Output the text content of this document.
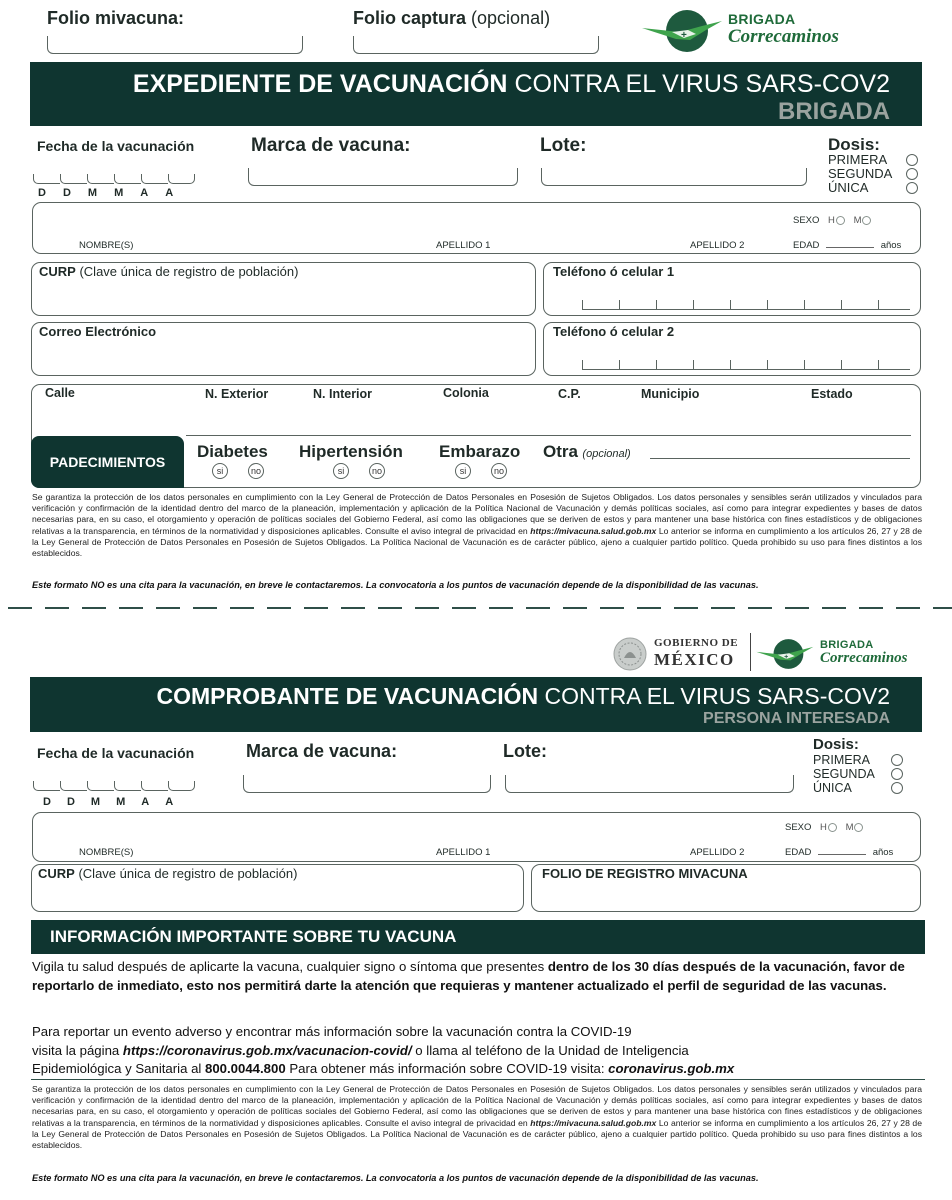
Folio mivacuna:	Folio captura (opcional)
+
BRIGADA
Correcaminos
EXPEDIENTE DE VACUNACIÓN CONTRA EL VIRUS SARS-COV2
BRIGADA
Fecha de la vacunación
D D M M A A
Marca de vacuna:	Lote:	Dosis:
PRIMERA
SEGUNDA
ÚNICA
SEXO H M
NOMBRE(S)	APELLIDO 1	APELLIDO 2	EDAD	años
CURP (Clave única de registro de población)	Teléfono ó celular 1
Correo Electrónico	Teléfono ó celular 2
Calle	N. Exterior	N. Interior	Colonia	C.P.	Municipio	Estado
PADECIMIENTOS
Diabetes
si	no
Hipertensión
si	no
Embarazo
si	no
Otra (opcional)
Se garantiza la protección de los datos personales en cumplimiento con la Ley General de Protección de Datos Personales en Posesión de Sujetos Obligados. Los datos personales y sensibles serán utilizados y vinculados para verificación y confirmación de la identidad dentro del marco de la planeación, implementación y aplicación de la Política Nacional de Vacunación y demás políticas sociales, así como para integrar expedientes y bases de datos necesarias para, en su caso, el otorgamiento y operación de políticas sociales del Gobierno Federal, así como las obligaciones que se deriven de estos y para mantener una base histórica con fines estadísticos y de obligaciones relativas a la transparencia, en términos de la normatividad y disposiciones aplicables. Consulte el aviso integral de privacidad en https://mivacuna.salud.gob.mx Lo anterior se informa en cumplimiento a los artículos 26, 27 y 28 de la Ley General de Protección de Datos Personales en Posesión de Sujetos Obligados. La Política Nacional de Vacunación es de carácter público, ajeno a cualquier partido político. Queda prohibido su uso para fines distintos a los establecidos.
Este formato NO es una cita para la vacunación, en breve le contactaremos. La convocatoria a los puntos de vacunación depende de la disponibilidad de las vacunas.
GOBIERNO DE
MÉXICO	+
BRIGADA
Correcaminos
COMPROBANTE DE VACUNACIÓN CONTRA EL VIRUS SARS-COV2
PERSONA INTERESADA
Fecha de la vacunación
D D M M A A
Marca de vacuna:	Lote:	Dosis:
PRIMERA
SEGUNDA
ÚNICA
SEXO H M
NOMBRE(S)	APELLIDO 1	APELLIDO 2	EDAD	años
CURP (Clave única de registro de población)	FOLIO DE REGISTRO MIVACUNA
INFORMACIÓN IMPORTANTE SOBRE TU VACUNA
Vigila tu salud después de aplicarte la vacuna, cualquier signo o síntoma que presentes dentro de los 30 días después de la vacunación, favor de reportarlo de inmediato, esto nos permitirá darte la atención que requieras y mantener actualizado el perfil de seguridad de las vacunas.
Para reportar un evento adverso y encontrar más información sobre la vacunación contra la COVID-19
visita la página https://coronavirus.gob.mx/vacunacion-covid/ o llama al teléfono de la Unidad de Inteligencia
Epidemiológica y Sanitaria al 800.0044.800 Para obtener más información sobre COVID-19 visita: coronavirus.gob.mx
Se garantiza la protección de los datos personales en cumplimiento con la Ley General de Protección de Datos Personales en Posesión de Sujetos Obligados. Los datos personales y sensibles serán utilizados y vinculados para verificación y confirmación de la identidad dentro del marco de la planeación, implementación y aplicación de la Política Nacional de Vacunación y demás políticas sociales, así como para integrar expedientes y bases de datos necesarias para, en su caso, el otorgamiento y operación de políticas sociales del Gobierno Federal, así como las obligaciones que se deriven de estos y para mantener una base histórica con fines estadísticos y de obligaciones relativas a la transparencia, en términos de la normatividad y disposiciones aplicables. Consulte el aviso integral de privacidad en https://mivacuna.salud.gob.mx Lo anterior se informa en cumplimiento a los artículos 26, 27 y 28 de la Ley General de Protección de Datos Personales en Posesión de Sujetos Obligados. La Política Nacional de Vacunación es de carácter público, ajeno a cualquier partido político. Queda prohibido su uso para fines distintos a los establecidos.
Este formato NO es una cita para la vacunación, en breve le contactaremos. La convocatoria a los puntos de vacunación depende de la disponibilidad de las vacunas.
